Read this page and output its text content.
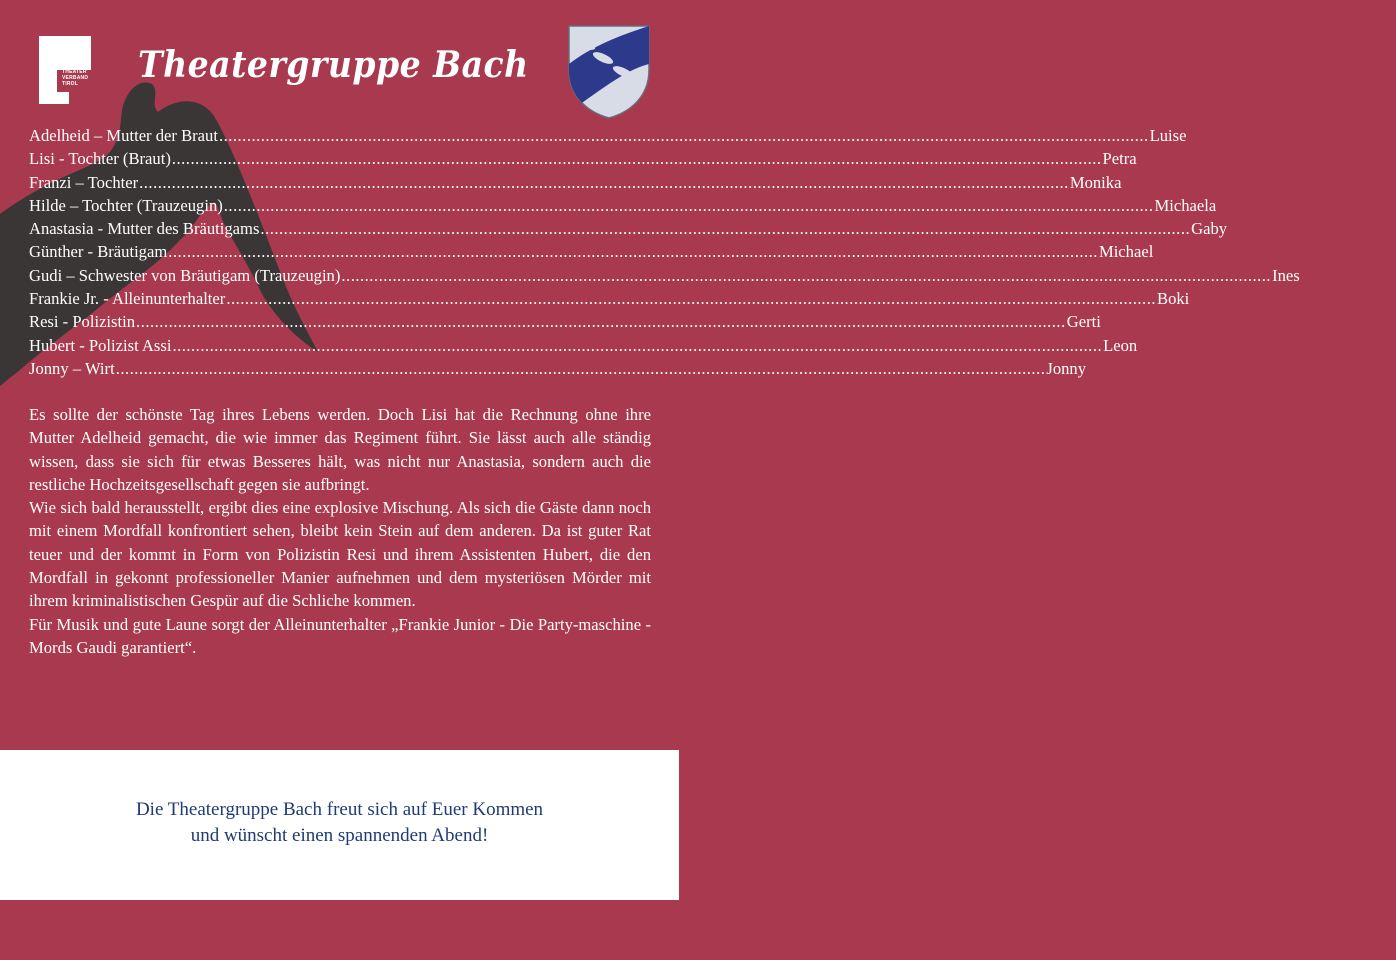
THEATER
VERBAND
TIROL Theatergruppe Bach
Adelheid – Mutter der Braut ........................................................................................................................................................................................................ Luise
Lisi - Tochter (Braut) ........................................................................................................................................................................................................ Petra
Franzi – Tochter ........................................................................................................................................................................................................ Monika
Hilde – Tochter (Trauzeugin) ........................................................................................................................................................................................................ Michaela
Anastasia - Mutter des Bräutigams ........................................................................................................................................................................................................ Gaby
Günther - Bräutigam ........................................................................................................................................................................................................ Michael
Gudi – Schwester von Bräutigam (Trauzeugin) ........................................................................................................................................................................................................ Ines
Frankie Jr. - Alleinunterhalter ........................................................................................................................................................................................................ Boki
Resi - Polizistin ........................................................................................................................................................................................................ Gerti
Hubert - Polizist Assi ........................................................................................................................................................................................................ Leon
Jonny – Wirt ........................................................................................................................................................................................................ Jonny

Es sollte der schönste Tag ihres Lebens werden. Doch Lisi hat die Rechnung ohne ihre Mutter Adelheid gemacht, die wie immer das Regiment führt. Sie lässt auch alle ständig wissen, dass sie sich für etwas Besseres hält, was nicht nur Anastasia, sondern auch die restliche Hochzeitsgesellschaft gegen sie aufbringt.

Wie sich bald herausstellt, ergibt dies eine explosive Mischung. Als sich die Gäste dann noch mit einem Mordfall konfrontiert sehen, bleibt kein Stein auf dem anderen. Da ist guter Rat teuer und der kommt in Form von Polizistin Resi und ihrem Assistenten Hubert, die den Mordfall in gekonnt professioneller Manier aufnehmen und dem mysteriösen Mörder mit ihrem kriminalistischen Gespür auf die Schliche kommen.

Für Musik und gute Laune sorgt der Alleinunterhalter „Frankie Junior - Die Party-maschine - Mords Gaudi garantiert“.

Die Theatergruppe Bach freut sich auf Euer Kommen
und wünscht einen spannenden Abend!
